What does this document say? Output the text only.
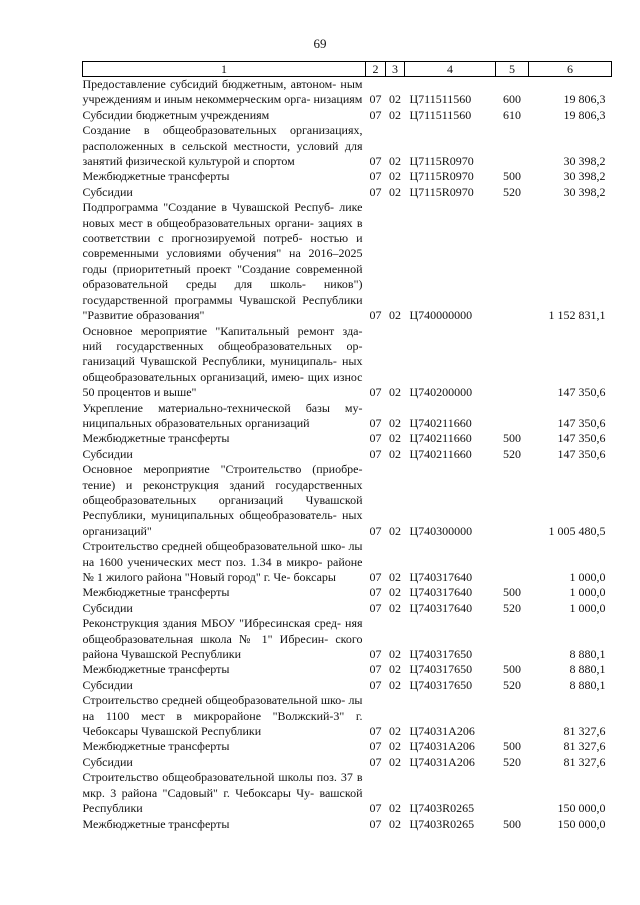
69
1	2	3	4	5	6
Предоставление субсидий бюджетным, автоном- ным учреждениям и иным некоммерческим орга- низациям	07	02	Ц711511560	600	19 806,3
Субсидии бюджетным учреждениям	07	02	Ц711511560	610	19 806,3
Создание в общеобразовательных организациях, расположенных в сельской местности, условий для занятий физической культурой и спортом	07	02	Ц7115R0970		30 398,2
Межбюджетные трансферты	07	02	Ц7115R0970	500	30 398,2
Субсидии	07	02	Ц7115R0970	520	30 398,2
Подпрограмма "Создание в Чувашской Респуб- лике новых мест в общеобразовательных органи- зациях в соответствии с прогнозируемой потреб- ностью и современными условиями обучения" на 2016–2025 годы (приоритетный проект "Создание современной образовательной среды для школь- ников") государственной программы Чувашской Республики "Развитие образования"	07	02	Ц740000000		1 152 831,1
Основное мероприятие "Капитальный ремонт зда- ний государственных общеобразовательных ор- ганизаций Чувашской Республики, муниципаль- ных общеобразовательных организаций, имею- щих износ 50 процентов и выше"	07	02	Ц740200000		147 350,6
Укрепление материально-технической базы му- ниципальных образовательных организаций	07	02	Ц740211660		147 350,6
Межбюджетные трансферты	07	02	Ц740211660	500	147 350,6
Субсидии	07	02	Ц740211660	520	147 350,6
Основное мероприятие "Строительство (приобре- тение) и реконструкция зданий государственных общеобразовательных организаций Чувашской Республики, муниципальных общеобразователь- ных организаций"	07	02	Ц740300000		1 005 480,5
Строительство средней общеобразовательной шко- лы на 1600 ученических мест поз. 1.34 в микро- районе № 1 жилого района "Новый город" г. Че- боксары	07	02	Ц740317640		1 000,0
Межбюджетные трансферты	07	02	Ц740317640	500	1 000,0
Субсидии	07	02	Ц740317640	520	1 000,0
Реконструкция здания МБОУ "Ибресинская сред- няя общеобразовательная школа № 1" Ибресин- ского района Чувашской Республики	07	02	Ц740317650		8 880,1
Межбюджетные трансферты	07	02	Ц740317650	500	8 880,1
Субсидии	07	02	Ц740317650	520	8 880,1
Строительство средней общеобразовательной шко- лы на 1100 мест в микрорайоне "Волжский-3" г. Чебоксары Чувашской Республики	07	02	Ц74031А206		81 327,6
Межбюджетные трансферты	07	02	Ц74031А206	500	81 327,6
Субсидии	07	02	Ц74031А206	520	81 327,6
Строительство общеобразовательной школы поз. 37 в мкр. 3 района "Садовый" г. Чебоксары Чу- вашской Республики	07	02	Ц7403R0265		150 000,0
Межбюджетные трансферты	07	02	Ц7403R0265	500	150 000,0
